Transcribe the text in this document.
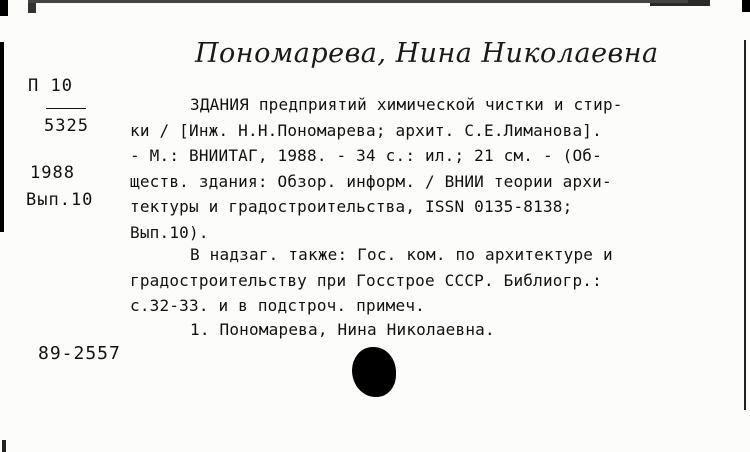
Пономарева, Нина Николаевна
П 10
5325
1988
Вып.10
ЗДАНИЯ предприятий химической чистки и стир-
ки / [Инж. Н.Н.Пономарева; архит. С.Е.Лиманова].
- М.: ВНИИТАГ, 1988. - 34 с.: ил.; 21 см. - (Об-
ществ. здания: Обзор. информ. / ВНИИ теории архи-
тектуры и градостроительства, ISSN 0135-8138;
Вып.10).
В надзаг. также: Гос. ком. по архитектуре и
градостроительству при Госстрое СССР. Библиогр.:
с.32-33. и в подстроч. примеч.
1. Пономарева, Нина Николаевна.
89-2557
